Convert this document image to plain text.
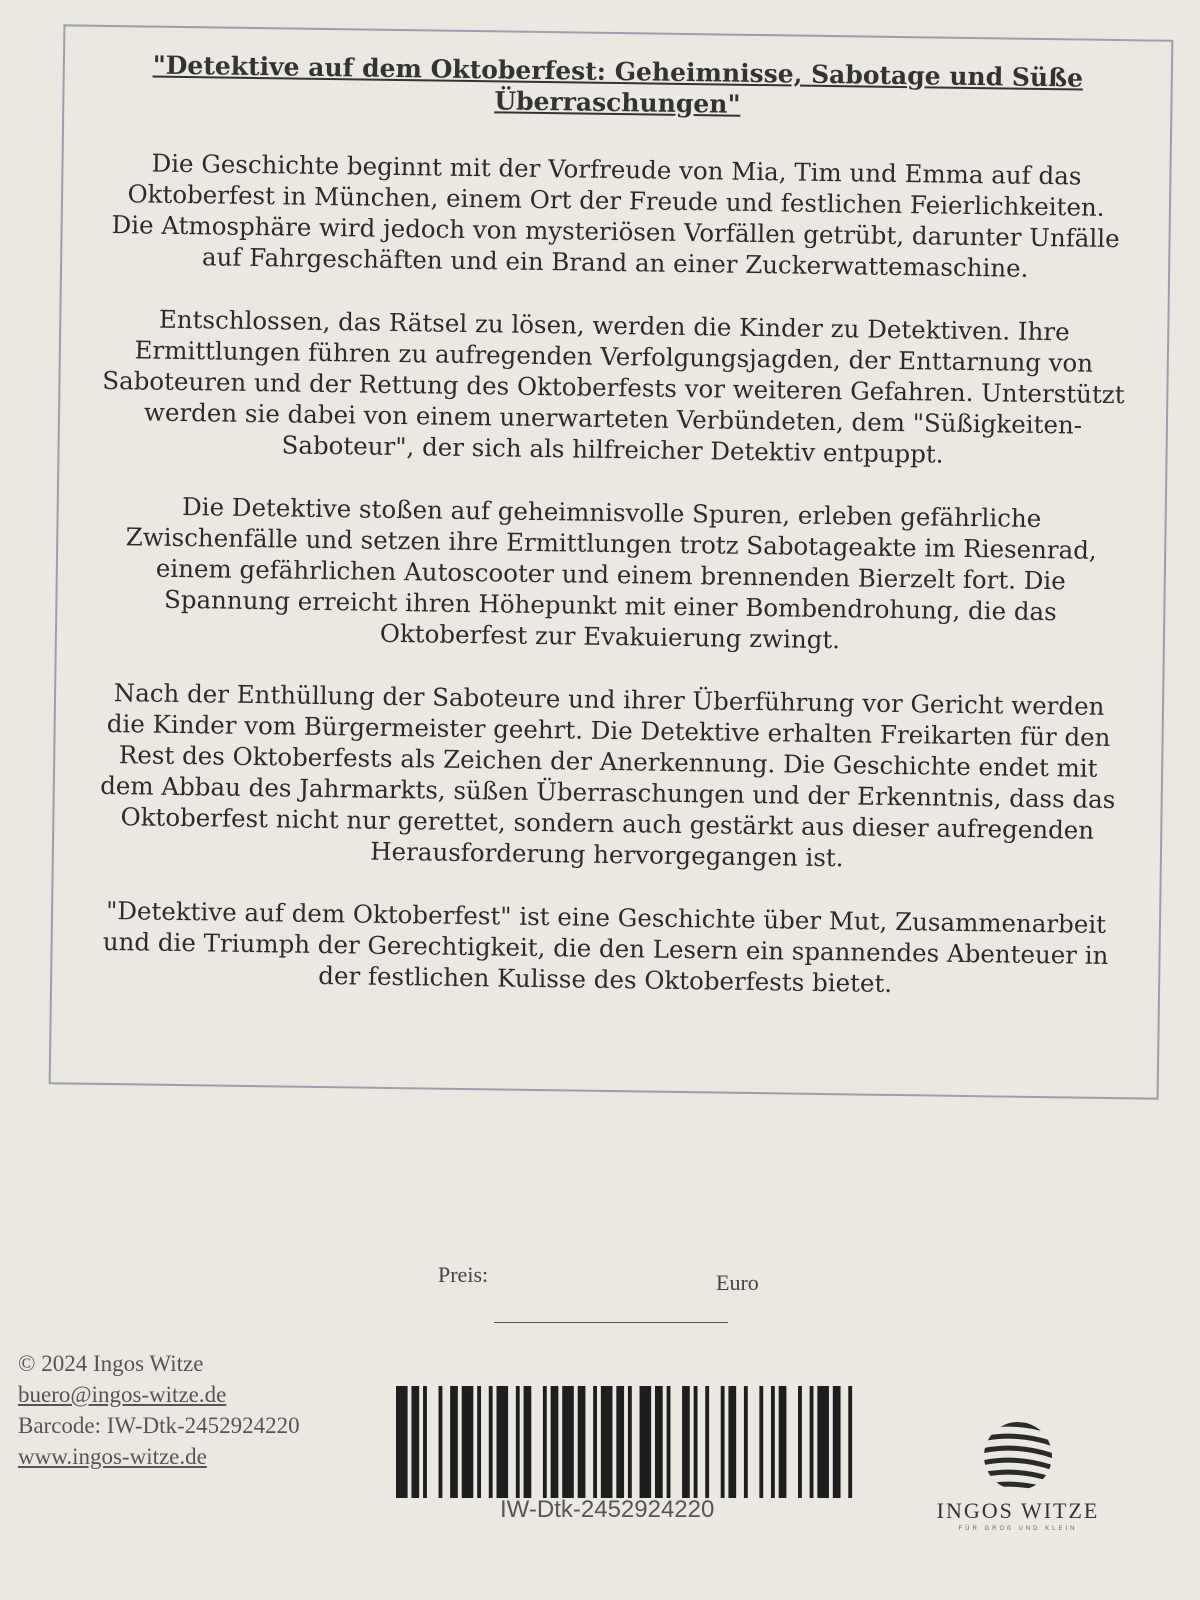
"Detektive auf dem Oktoberfest: Geheimnisse, Sabotage und Süße Überraschungen"

Die Geschichte beginnt mit der Vorfreude von Mia, Tim und Emma auf das Oktoberfest in München, einem Ort der Freude und festlichen Feierlichkeiten. Die Atmosphäre wird jedoch von mysteriösen Vorfällen getrübt, darunter Unfälle auf Fahrgeschäften und ein Brand an einer Zuckerwattemaschine.

Entschlossen, das Rätsel zu lösen, werden die Kinder zu Detektiven. Ihre Ermittlungen führen zu aufregenden Verfolgungsjagden, der Enttarnung von Saboteuren und der Rettung des Oktoberfests vor weiteren Gefahren. Unterstützt werden sie dabei von einem unerwarteten Verbündeten, dem "Süßigkeiten-Saboteur", der sich als hilfreicher Detektiv entpuppt.

Die Detektive stoßen auf geheimnisvolle Spuren, erleben gefährliche Zwischenfälle und setzen ihre Ermittlungen trotz Sabotageakte im Riesenrad, einem gefährlichen Autoscooter und einem brennenden Bierzelt fort. Die Spannung erreicht ihren Höhepunkt mit einer Bombendrohung, die das Oktoberfest zur Evakuierung zwingt.

Nach der Enthüllung der Saboteure und ihrer Überführung vor Gericht werden die Kinder vom Bürgermeister geehrt. Die Detektive erhalten Freikarten für den Rest des Oktoberfests als Zeichen der Anerkennung. Die Geschichte endet mit dem Abbau des Jahrmarkts, süßen Überraschungen und der Erkenntnis, dass das Oktoberfest nicht nur gerettet, sondern auch gestärkt aus dieser aufregenden Herausforderung hervorgegangen ist.

"Detektive auf dem Oktoberfest" ist eine Geschichte über Mut, Zusammenarbeit und die Triumph der Gerechtigkeit, die den Lesern ein spannendes Abenteuer in der festlichen Kulisse des Oktoberfests bietet.

Preis:	Euro
© 2024 Ingos Witze
buero@ingos-witze.de
Barcode: IW-Dtk-2452924220
www.ingos-witze.de
IW-Dtk-2452924220	INGOS WITZE
FÜR GROß UND KLEIN
